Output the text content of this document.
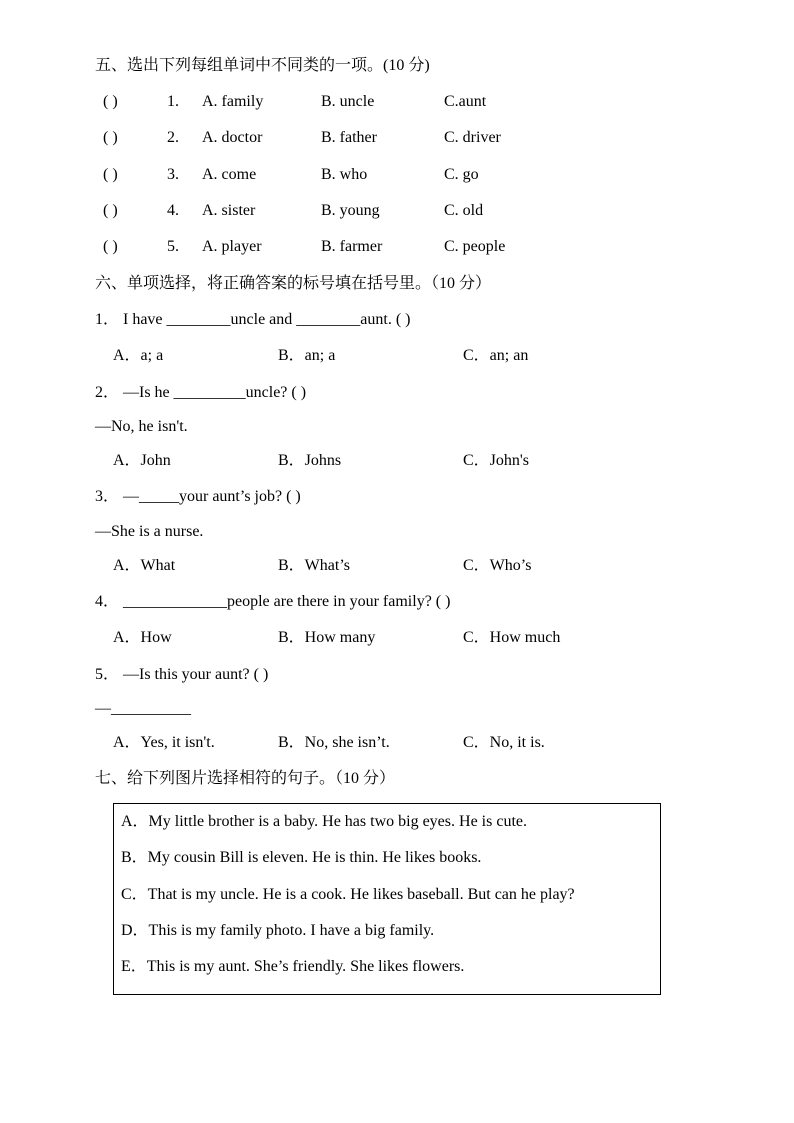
五、选出下列每组单词中不同类的一项。(10 分)
( )	1. A. family	B. uncle	C.aunt
( )	2. A. doctor	B. father	C. driver
( )	3. A. come	B. who	C. go
( )	4. A. sister	B. young	C. old
( )	5. A. player	B. farmer	C. people
六、单项选择，将正确答案的标号填在括号里。（10 分）
1． I have ________uncle and ________aunt. ( )
A．a; a	B．an; a	C．an; an
2． —Is he _________uncle? ( )
—No, he isn't.
A．John	B．Johns	C．John's
3． —_____your aunt’s job? ( )
—She is a nurse.
A．What	B．What’s	C．Who’s
4． _____________people are there in your family? ( )
A．How	B．How many	C．How much
5． —Is this your aunt? ( )
—__________
A．Yes, it isn't.	B．No, she isn’t.	C．No, it is.
七、给下列图片选择相符的句子。（10 分）
A．My little brother is a baby. He has two big eyes. He is cute.
B．My cousin Bill is eleven. He is thin. He likes books.
C．That is my uncle. He is a cook. He likes baseball. But can he play?
D．This is my family photo. I have a big family.
E．This is my aunt. She’s friendly. She likes flowers.
